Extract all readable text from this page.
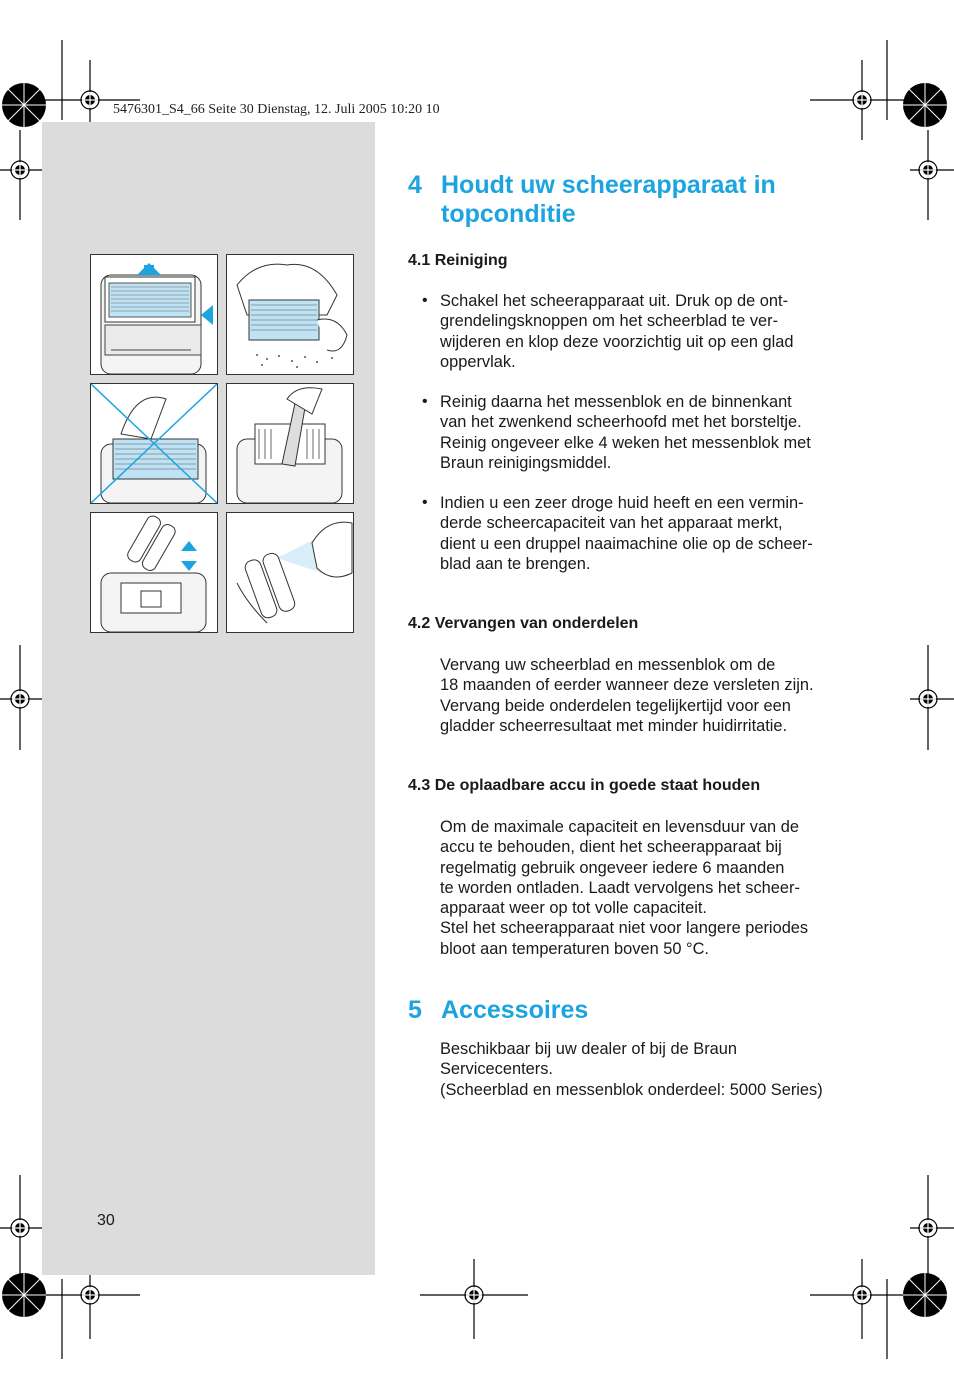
5476301_S4_66 Seite 30 Dienstag, 12. Juli 2005 10:20 10
30
4 Houdt uw scheerapparaat in
topconditie
4.1 Reiniging
• Schakel het scheerapparaat uit. Druk op de ont-
grendelingsknoppen om het scheerblad te ver-
wijderen en klop deze voorzichtig uit op een glad
oppervlak.
• Reinig daarna het messenblok en de binnenkant
van het zwenkend scheerhoofd met het borsteltje.
Reinig ongeveer elke 4 weken het messenblok met
Braun reinigingsmiddel.
• Indien u een zeer droge huid heeft en een vermin-
derde scheercapaciteit van het apparaat merkt,
dient u een druppel naaimachine olie op de scheer-
blad aan te brengen.
4.2 Vervangen van onderdelen
Vervang uw scheerblad en messenblok om de
18 maanden of eerder wanneer deze versleten zijn.
Vervang beide onderdelen tegelijkertijd voor een
gladder scheerresultaat met minder huidirritatie.
4.3 De oplaadbare accu in goede staat houden
Om de maximale capaciteit en levensduur van de
accu te behouden, dient het scheerapparaat bij
regelmatig gebruik ongeveer iedere 6 maanden
te worden ontladen. Laadt vervolgens het scheer-
apparaat weer op tot volle capaciteit.
Stel het scheerapparaat niet voor langere periodes
bloot aan temperaturen boven 50 °C.
5 Accessoires
Beschikbaar bij uw dealer of bij de Braun
Servicecenters.
(Scheerblad en messenblok onderdeel: 5000 Series)
